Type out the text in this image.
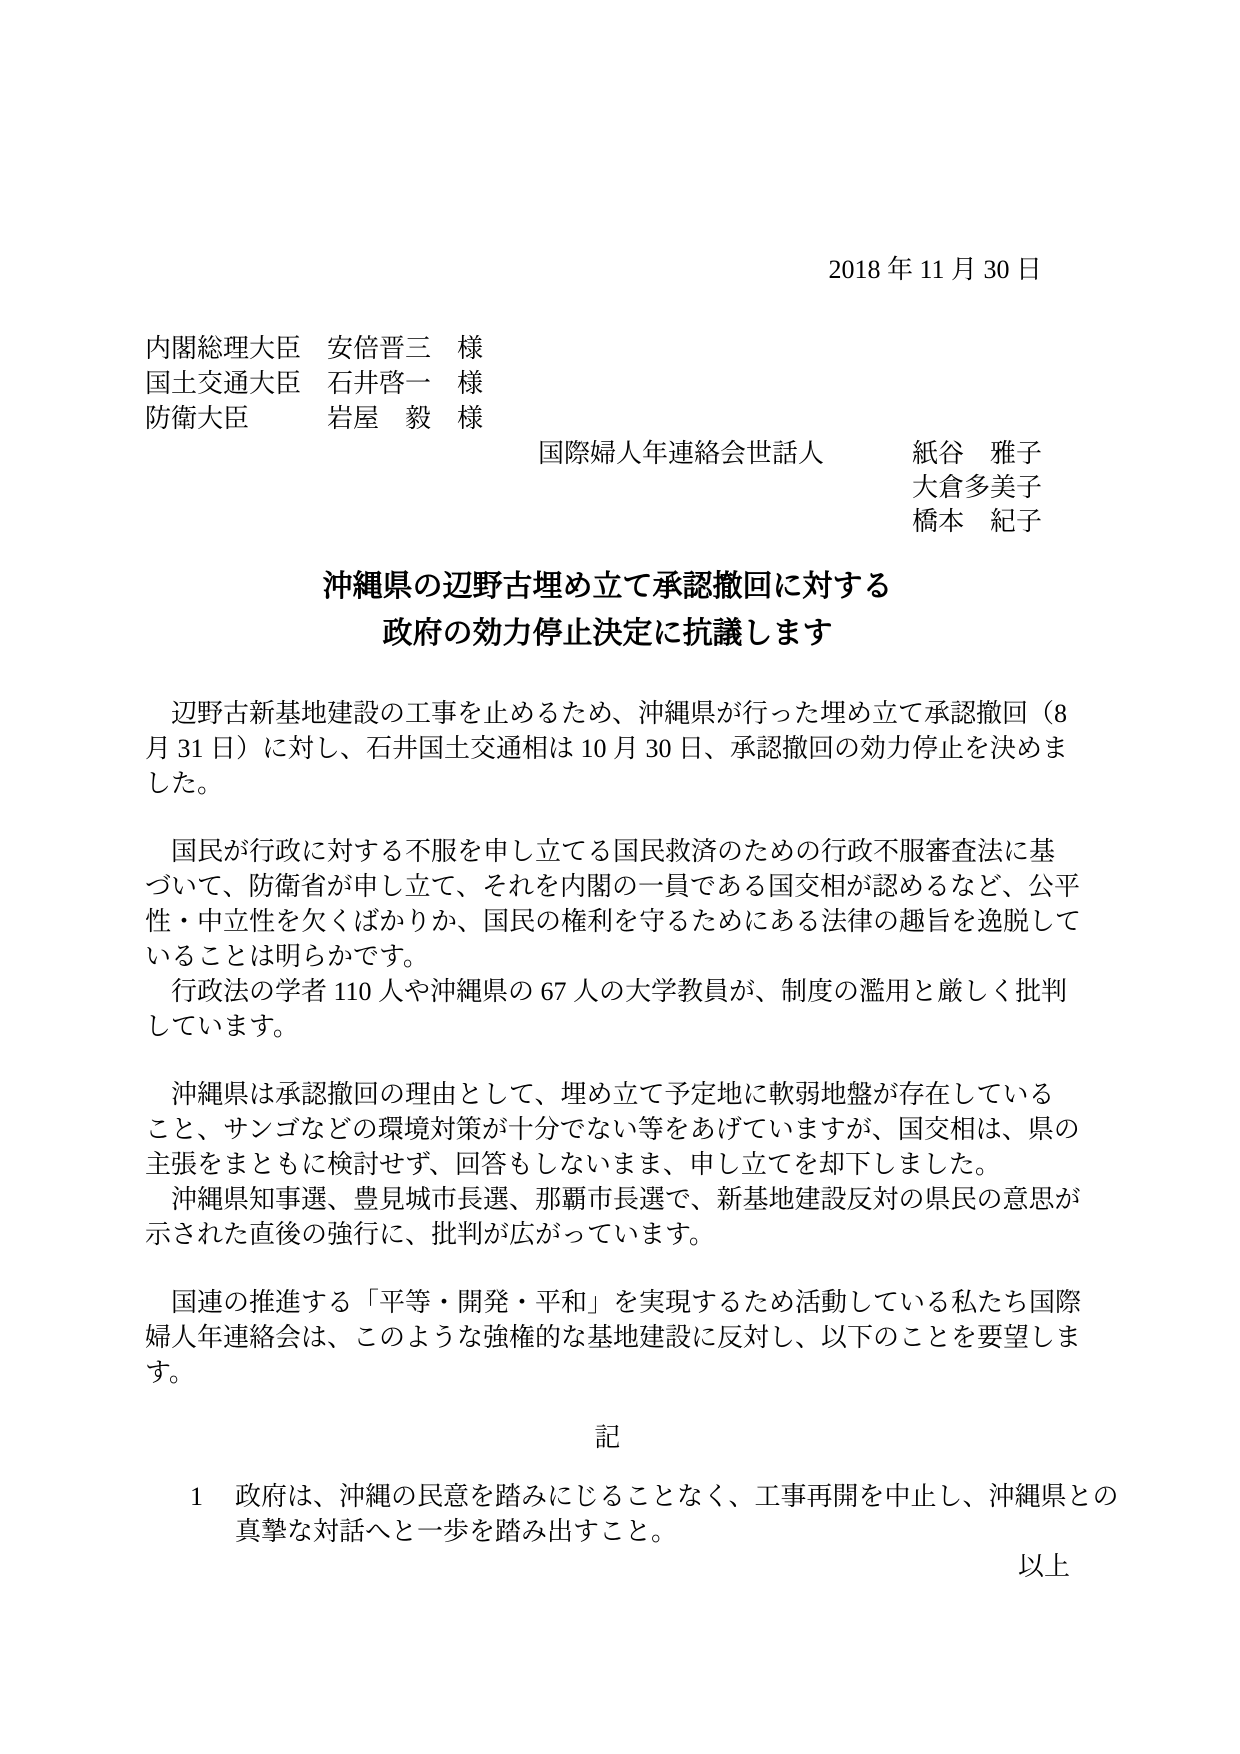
2018 年 11 月 30 日
内閣総理大臣　安倍晋三　様
国土交通大臣　石井啓一　様
防衛大臣　　　岩屋　毅　様
国際婦人年連絡会世話人	紙谷　雅子
大倉多美子
橋本　紀子
沖縄県の辺野古埋め立て承認撤回に対する
政府の効力停止決定に抗議します
　辺野古新基地建設の工事を止めるため、沖縄県が行った埋め立て承認撤回（8
月 31 日）に対し、石井国土交通相は 10 月 30 日、承認撤回の効力停止を決めま
した。
　国民が行政に対する不服を申し立てる国民救済のための行政不服審査法に基
づいて、防衛省が申し立て、それを内閣の一員である国交相が認めるなど、公平
性・中立性を欠くばかりか、国民の権利を守るためにある法律の趣旨を逸脱して
いることは明らかです。
　行政法の学者 110 人や沖縄県の 67 人の大学教員が、制度の濫用と厳しく批判
しています。
　沖縄県は承認撤回の理由として、埋め立て予定地に軟弱地盤が存在している
こと、サンゴなどの環境対策が十分でない等をあげていますが、国交相は、県の
主張をまともに検討せず、回答もしないまま、申し立てを却下しました。
　沖縄県知事選、豊見城市長選、那覇市長選で、新基地建設反対の県民の意思が
示された直後の強行に、批判が広がっています。
　国連の推進する「平等・開発・平和」を実現するため活動している私たち国際
婦人年連絡会は、このような強権的な基地建設に反対し、以下のことを要望しま
す。
記
1	政府は、沖縄の民意を踏みにじることなく、工事再開を中止し、沖縄県との
真摯な対話へと一歩を踏み出すこと。
以上
